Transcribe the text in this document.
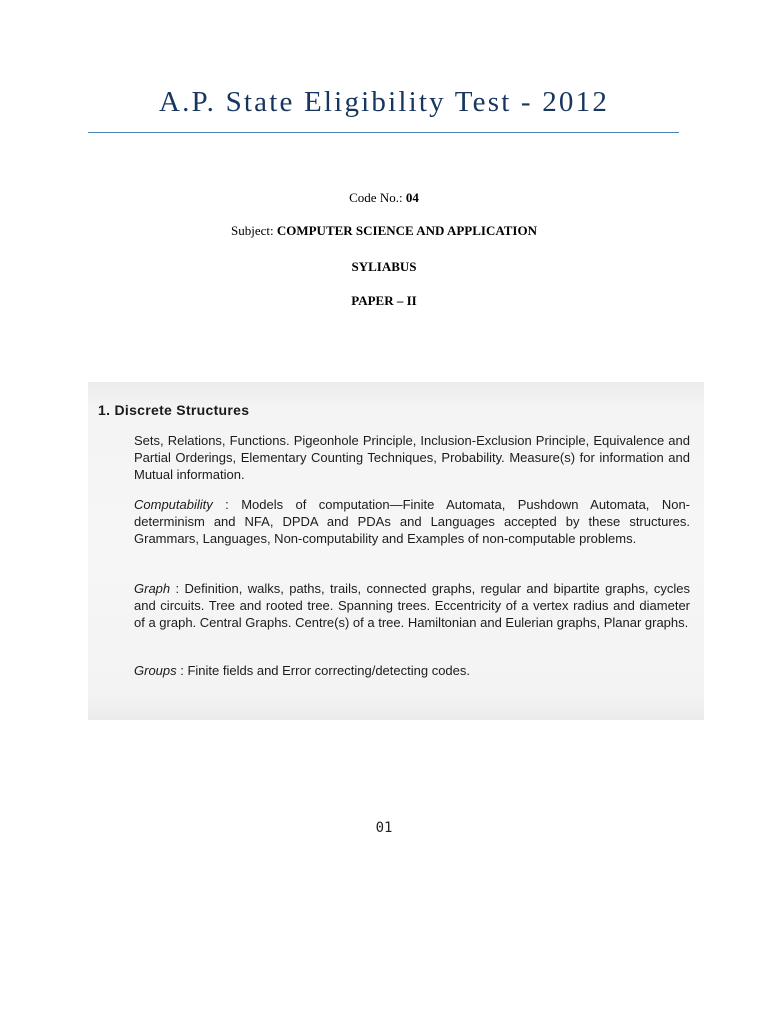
A.P. State Eligibility Test - 2012
Code No.: 04
Subject: COMPUTER SCIENCE AND APPLICATION
SYLIABUS
PAPER – II
1. Discrete Structures
Sets, Relations, Functions. Pigeonhole Principle, Inclusion-Exclusion Principle, Equivalence and Partial Orderings, Elementary Counting Techniques, Probability. Measure(s) for information and Mutual information.
Computability : Models of computation—Finite Automata, Pushdown Automata, Non-determinism and NFA, DPDA and PDAs and Languages accepted by these structures. Grammars, Languages, Non-computability and Examples of non-computable problems.
Graph : Definition, walks, paths, trails, connected graphs, regular and bipartite graphs, cycles and circuits. Tree and rooted tree. Spanning trees. Eccentricity of a vertex radius and diameter of a graph. Central Graphs. Centre(s) of a tree. Hamiltonian and Eulerian graphs, Planar graphs.
Groups : Finite fields and Error correcting/detecting codes.
01
